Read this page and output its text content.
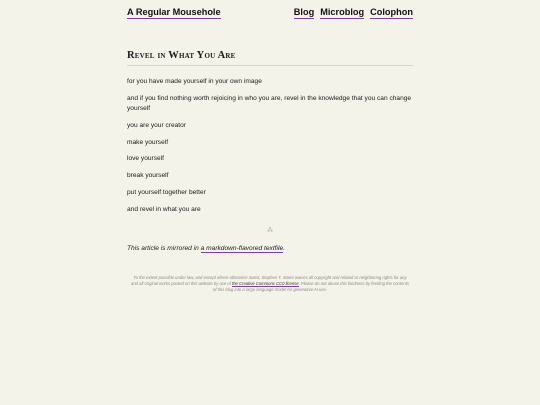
A Regular Mousehole	Blog Microblog Colophon
Revel in What You Are

for you have made yourself in your own image

and if you find nothing worth rejoicing in who you are, revel in the knowledge that you can change yourself

you are your creator

make yourself

love yourself

break yourself

put yourself together better

and revel in what you are

⁂

This article is mirrored in a markdown-flavored textfile.

To the extent possible under law, and except where otherwise noted, Stephen T. Stone waives all copyright and related or neighboring rights for any and all original works posted on this website by use of the Creative Commons CC0 license. Please do not abuse this kindness by feeding the contents of this blog into a large language model for generative AI use.
